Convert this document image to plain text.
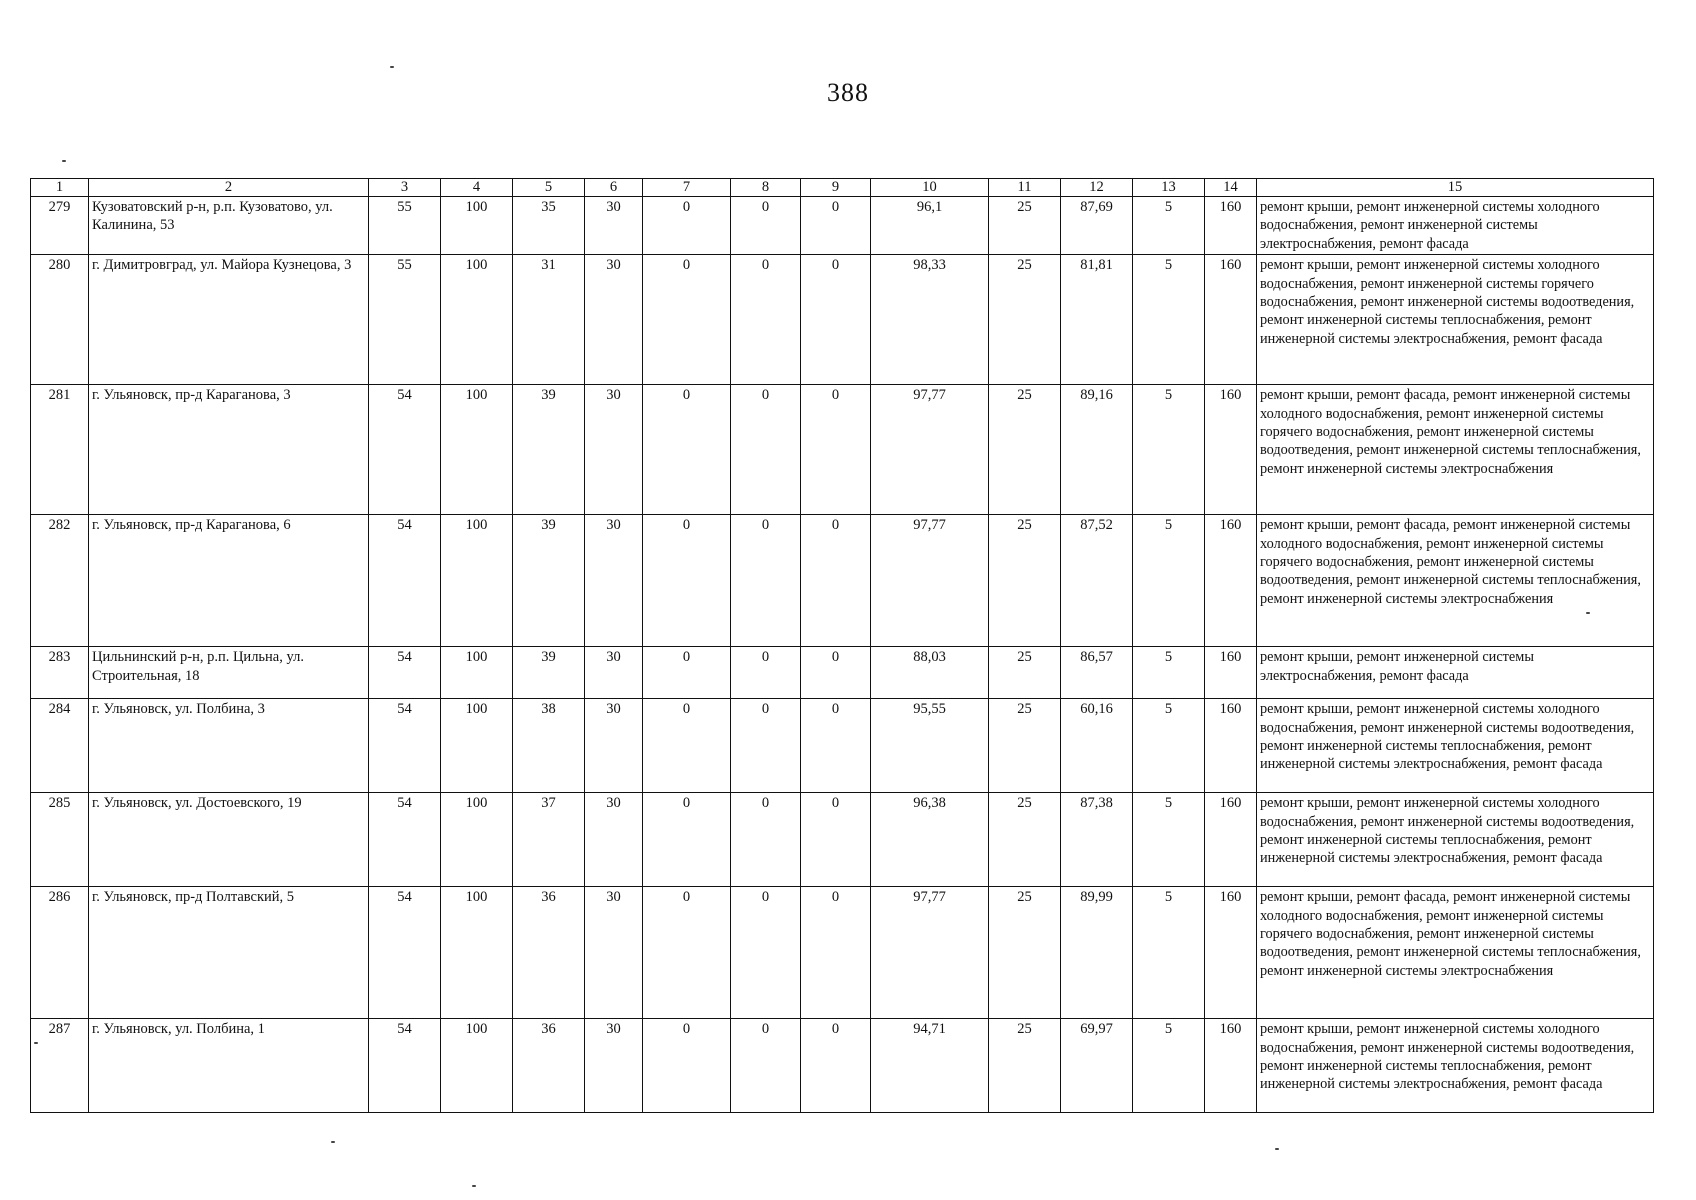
388
1	2	3	4	5	6	7	8	9	10	11	12	13	14	15
279	Кузоватовский р-н, р.п. Кузоватово, ул. Калинина, 53	55	100	35	30	0	0	0	96,1	25	87,69	5	160	ремонт крыши, ремонт инженерной системы холодного водоснабжения, ремонт инженерной системы электроснабжения, ремонт фасада
280	г. Димитровград, ул. Майора Кузнецова, 3	55	100	31	30	0	0	0	98,33	25	81,81	5	160	ремонт крыши, ремонт инженерной системы холодного водоснабжения, ремонт инженерной системы горячего водоснабжения, ремонт инженерной системы водоотведения, ремонт инженерной системы теплоснабжения, ремонт инженерной системы электроснабжения, ремонт фасада
281	г. Ульяновск, пр-д Караганова, 3	54	100	39	30	0	0	0	97,77	25	89,16	5	160	ремонт крыши, ремонт фасада, ремонт инженерной системы холодного водоснабжения, ремонт инженерной системы горячего водоснабжения, ремонт инженерной системы водоотведения, ремонт инженерной системы теплоснабжения, ремонт инженерной системы электроснабжения
282	г. Ульяновск, пр-д Караганова, 6	54	100	39	30	0	0	0	97,77	25	87,52	5	160	ремонт крыши, ремонт фасада, ремонт инженерной системы холодного водоснабжения, ремонт инженерной системы горячего водоснабжения, ремонт инженерной системы водоотведения, ремонт инженерной системы теплоснабжения, ремонт инженерной системы электроснабжения
283	Цильнинский р-н, р.п. Цильна, ул. Строительная, 18	54	100	39	30	0	0	0	88,03	25	86,57	5	160	ремонт крыши, ремонт инженерной системы электроснабжения, ремонт фасада
284	г. Ульяновск, ул. Полбина, 3	54	100	38	30	0	0	0	95,55	25	60,16	5	160	ремонт крыши, ремонт инженерной системы холодного водоснабжения, ремонт инженерной системы водоотведения, ремонт инженерной системы теплоснабжения, ремонт инженерной системы электроснабжения, ремонт фасада
285	г. Ульяновск, ул. Достоевского, 19	54	100	37	30	0	0	0	96,38	25	87,38	5	160	ремонт крыши, ремонт инженерной системы холодного водоснабжения, ремонт инженерной системы водоотведения, ремонт инженерной системы теплоснабжения, ремонт инженерной системы электроснабжения, ремонт фасада
286	г. Ульяновск, пр-д Полтавский, 5	54	100	36	30	0	0	0	97,77	25	89,99	5	160	ремонт крыши, ремонт фасада, ремонт инженерной системы холодного водоснабжения, ремонт инженерной системы горячего водоснабжения, ремонт инженерной системы водоотведения, ремонт инженерной системы теплоснабжения, ремонт инженерной системы электроснабжения
287	г. Ульяновск, ул. Полбина, 1	54	100	36	30	0	0	0	94,71	25	69,97	5	160	ремонт крыши, ремонт инженерной системы холодного водоснабжения, ремонт инженерной системы водоотведения, ремонт инженерной системы теплоснабжения, ремонт инженерной системы электроснабжения, ремонт фасада
